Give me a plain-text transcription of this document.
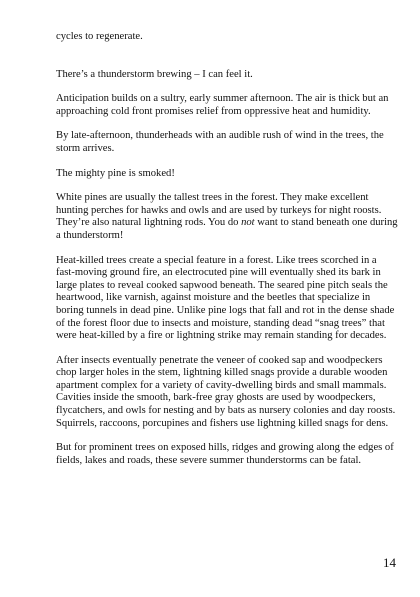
cycles to regenerate.

There’s a thunderstorm brewing – I can feel it.

Anticipation builds on a sultry, early summer afternoon. The air is thick but an approaching cold front promises relief from oppressive heat and humidity.

By late-afternoon, thunderheads with an audible rush of wind in the trees, the storm arrives.

The mighty pine is smoked!

White pines are usually the tallest trees in the forest. They make excellent hunting perches for hawks and owls and are used by turkeys for night roosts. They’re also natural lightning rods. You do not want to stand beneath one during a thunderstorm!

Heat-killed trees create a special feature in a forest. Like trees scorched in a fast-moving ground fire, an electrocuted pine will eventually shed its bark in large plates to reveal cooked sapwood beneath. The seared pine pitch seals the heartwood, like varnish, against moisture and the beetles that specialize in boring tunnels in dead pine. Unlike pine logs that fall and rot in the dense shade of the forest floor due to insects and moisture, standing dead “snag trees” that were heat-killed by a fire or lightning strike may remain standing for decades.

After insects eventually penetrate the veneer of cooked sap and woodpeckers chop larger holes in the stem, lightning killed snags provide a durable wooden apartment complex for a variety of cavity-dwelling birds and small mammals. Cavities inside the smooth, bark-free gray ghosts are used by woodpeckers, flycatchers, and owls for nesting and by bats as nursery colonies and day roosts. Squirrels, raccoons, porcupines and fishers use lightning killed snags for dens.

But for prominent trees on exposed hills, ridges and growing along the edges of fields, lakes and roads, these severe summer thunderstorms can be fatal.

14
